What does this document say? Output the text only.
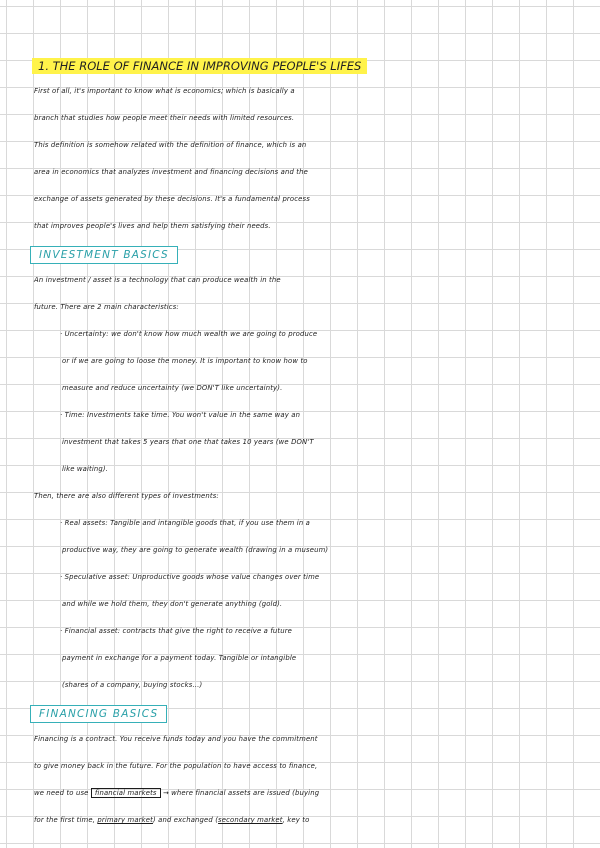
1. THE ROLE OF FINANCE IN IMPROVING PEOPLE'S LIFES
First of all, it's important to know what is economics; which is basically a
branch that studies how people meet their needs with limited resources.
This definition is somehow related with the definition of finance, which is an
area in economics that analyzes investment and financing decisions and the
exchange of assets generated by these decisions. It's a fundamental process
that improves people's lives and help them satisfying their needs.
INVESTMENT BASICS
An investment / asset is a technology that can produce wealth in the
future. There are 2 main characteristics:
· Uncertainty: we don't know how much wealth we are going to produce
or if we are going to loose the money. It is important to know how to
measure and reduce uncertainty (we DON'T like uncertainty).
· Time: Investments take time. You won't value in the same way an
investment that takes 5 years that one that takes 10 years (we DON'T
like waiting).
Then, there are also different types of investments:
· Real assets: Tangible and intangible goods that, if you use them in a
productive way, they are going to generate wealth (drawing in a museum)
· Speculative asset: Unproductive goods whose value changes over time
and while we hold them, they don't generate anything (gold).
· Financial asset: contracts that give the right to receive a future
payment in exchange for a payment today. Tangible or intangible
(shares of a company, buying stocks...)
FINANCING BASICS
Financing is a contract. You receive funds today and you have the commitment
to give money back in the future. For the population to have access to finance,
we need to use financial markets → where financial assets are issued (buying
for the first time, primary market) and exchanged (secondary market, key to
